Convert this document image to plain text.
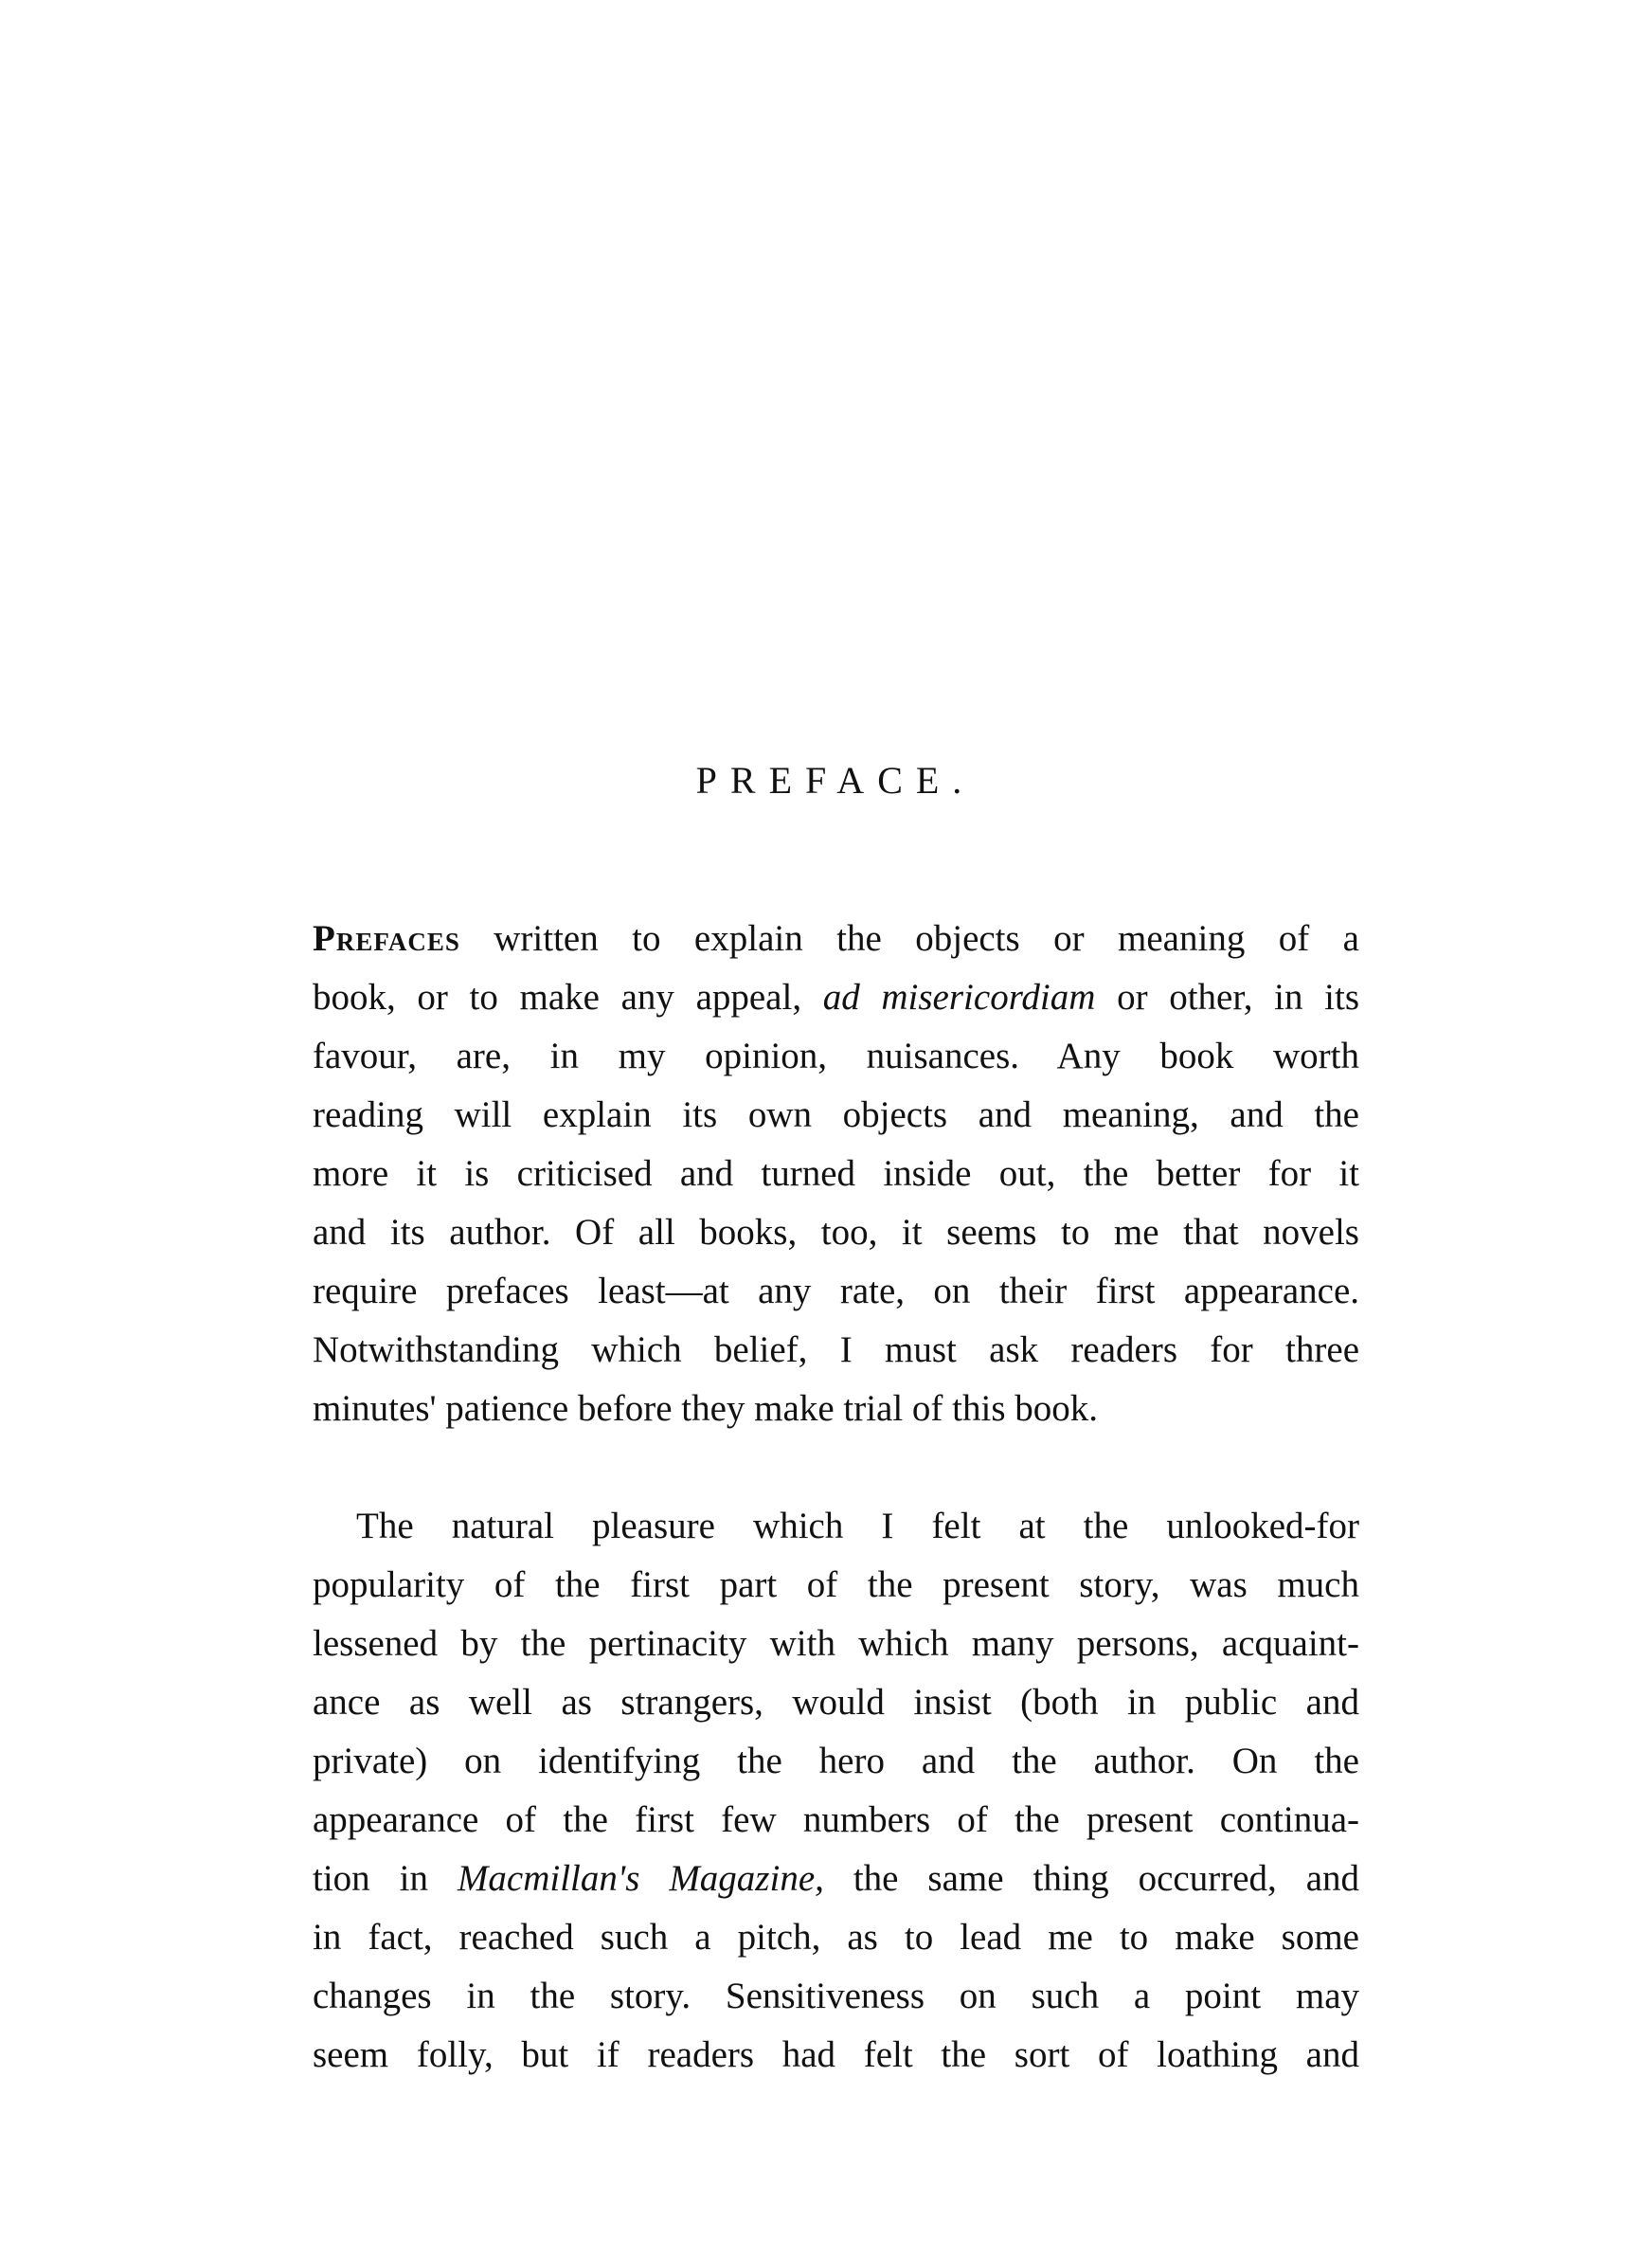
PREFACE.
Prefaces written to explain the objects or meaning of a
book, or to make any appeal, ad misericordiam or other, in its
favour, are, in my opinion, nuisances. Any book worth
reading will explain its own objects and meaning, and the
more it is criticised and turned inside out, the better for it
and its author. Of all books, too, it seems to me that novels
require prefaces least—at any rate, on their first appearance.
Notwithstanding which belief, I must ask readers for three
minutes' patience before they make trial of this book.
The natural pleasure which I felt at the unlooked-for
popularity of the first part of the present story, was much
lessened by the pertinacity with which many persons, acquaint-
ance as well as strangers, would insist (both in public and
private) on identifying the hero and the author. On the
appearance of the first few numbers of the present continua-
tion in Macmillan's Magazine, the same thing occurred, and
in fact, reached such a pitch, as to lead me to make some
changes in the story. Sensitiveness on such a point may
seem folly, but if readers had felt the sort of loathing and
